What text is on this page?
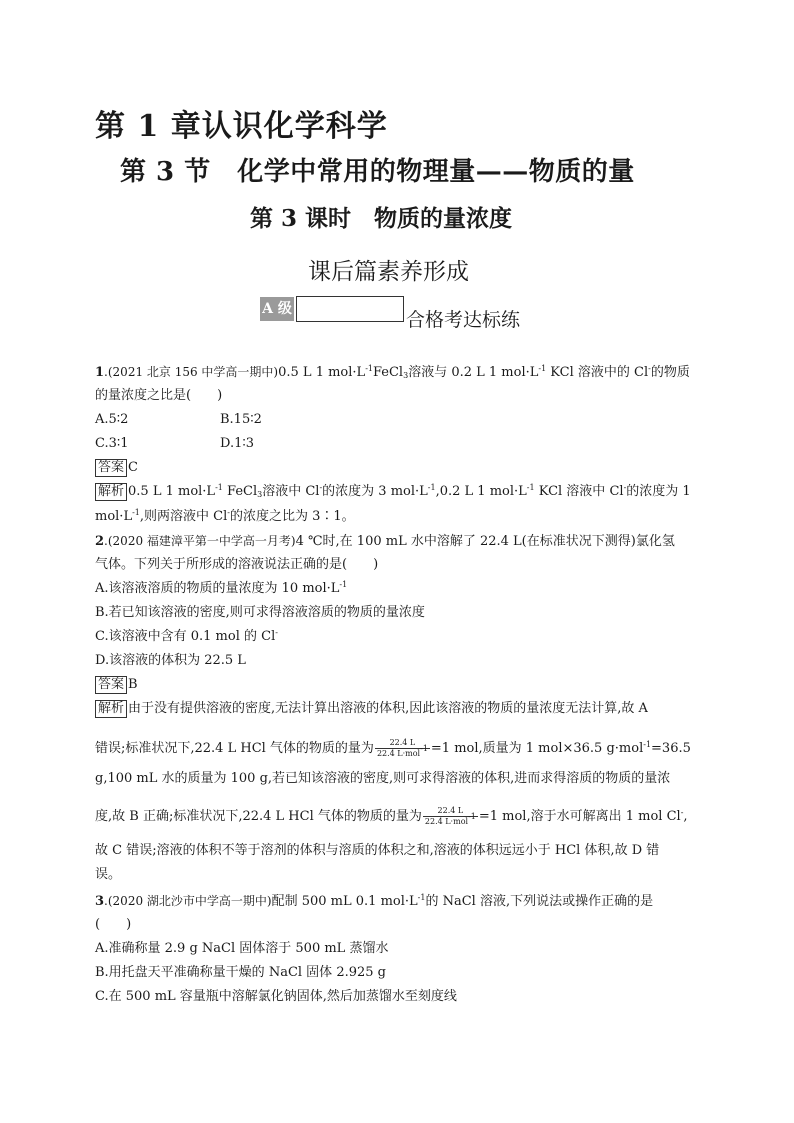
第 1 章认识化学科学
第 3 节　化学中常用的物理量——物质的量
第 3 课时　物质的量浓度
课后篇素养形成
A 级	合格考达标练
1.(2021 北京 156 中学高一期中)0.5 L 1 $mol\cdot L^{-1}FeCl_3$溶液与 0.2 L 1 $mol\cdot L^{-1}$ KCl 溶液中的 Cl-的物质
的量浓度之比是(　　)
A.5∶2	B.15∶2
C.3∶1	D.1∶3
答案 C
解析 0.5 L 1 $mol\cdot L^{-1}$ FeCl$_3$溶液中 Cl-的浓度为 3 $mol\cdot L^{-1},0.2$ L 1 $mol\cdot L^{-1}$ KCl 溶液中 Cl-的浓度为 1
$mol\cdot L^{-1}$,则两溶液中 Cl-的浓度之比为 3∶1。
2.(2020 福建漳平第一中学高一月考)4 ℃时,在 100 mL 水中溶解了 22.4 L(在标准状况下测得)氯化氢
气体。下列关于所形成的溶液说法正确的是(　　)
A.该溶液溶质的物质的量浓度为 10 $mol\cdot L^{-1}$
B.若已知该溶液的密度,则可求得溶液溶质的物质的量浓度
C.该溶液中含有 0.1 mol 的 Cl-
D.该溶液的体积为 22.5 L
答案 B
解析 由于没有提供溶液的密度,无法计算出溶液的体积,因此该溶液的物质的量浓度无法计算,故 A
错误;标准状况下,22.4 L HCl 气体的物质的量为 $\frac{22.4 L}{22.4 L\cdot mol^{-1}} =1$ mol,质量为 1 mol×36.5 g·mol$^{-1}$=36.5
g,100 mL 水的质量为 100 g,若已知该溶液的密度,则可求得溶液的体积,进而求得溶质的物质的量浓
度,故 B 正确;标准状况下,22.4 L HCl 气体的物质的量为 $\frac{22.4 L}{22.4 L\cdot mol^{-1}} =1$ mol,溶于水可解离出 1 mol Cl-,
故 C 错误;溶液的体积不等于溶剂的体积与溶质的体积之和,溶液的体积远远小于 HCl 体积,故 D 错
误。
3.(2020 湖北沙市中学高一期中)配制 500 mL 0.1 $mol\cdot L^{-1}$的 NaCl 溶液,下列说法或操作正确的是
(　　)
A.准确称量 2.9 g NaCl 固体溶于 500 mL 蒸馏水
B.用托盘天平准确称量干燥的 NaCl 固体 2.925 g
C.在 500 mL 容量瓶中溶解氯化钠固体,然后加蒸馏水至刻度线
